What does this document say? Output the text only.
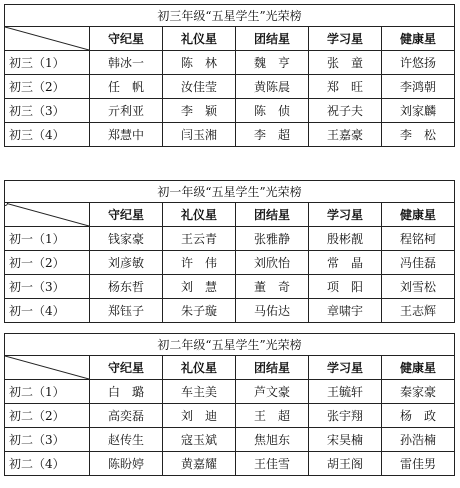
初三年级“五星学生”光荣榜					

	守纪星	礼仪星	团结星	学习星	健康星
初三（1）	韩冰一	陈　林	魏　亨	张　童	许悠扬
初三（2）	任　帆	汝佳莹	黄陈晨	郑　旺	李鸿朝
初三（3）	亓利亚	李　颖	陈　侦	祝子夫	刘家麟
初三（4）	郑慧中	闫玉湘	李　超	王嘉豪	李　松
初一年级“五星学生”光荣榜					

	守纪星	礼仪星	团结星	学习星	健康星
初一（1）	钱家豪	王云青	张雅静	殷彬靓	程铭柯
初一（2）	刘彦敏	许　伟	刘欣怡	常　晶	冯佳磊
初一（3）	杨东哲	刘　慧	董　奇	项　阳	刘雪松
初一（4）	郑钰子	朱子璇	马佑达	章啸宇	王志辉
初二年级“五星学生”光荣榜					

	守纪星	礼仪星	团结星	学习星	健康星
初二（1）	白　璐	车主美	芦文豪	王毓轩	秦家豪
初二（2）	高奕磊	刘　迪	王　超	张宇翔	杨　政
初二（3）	赵传生	寇玉斌	焦旭东	宋昊楠	孙浩楠
初二（4）	陈盼婷	黄嘉耀	王佳雪	胡王阁	雷佳男
